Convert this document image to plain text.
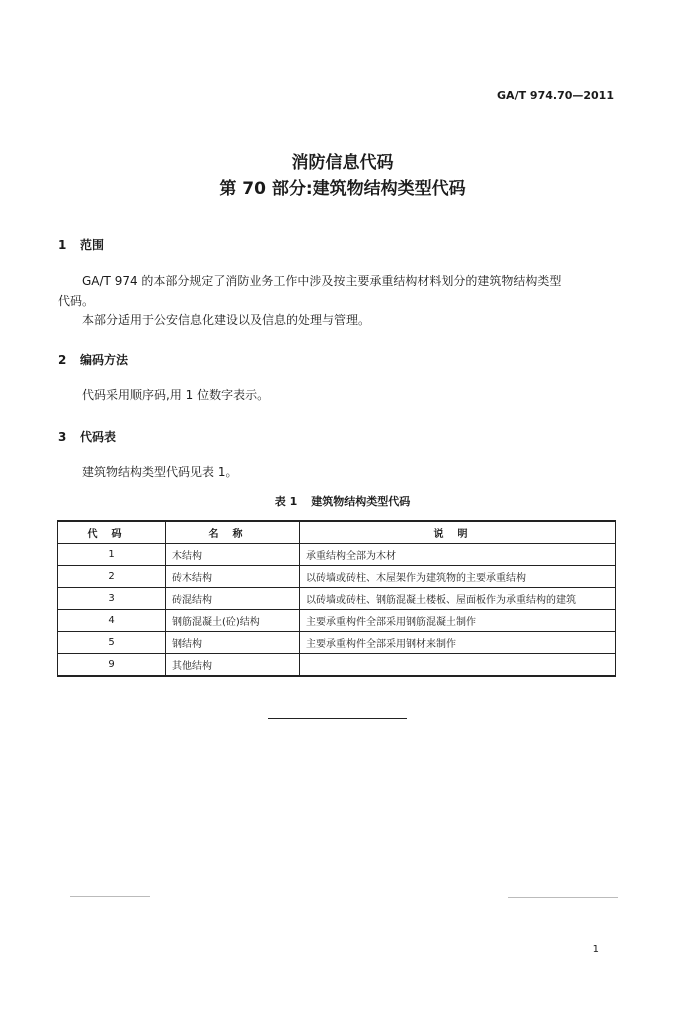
GA/T 974.70—2011
消防信息代码
第 70 部分:建筑物结构类型代码
1 范围
GA/T 974 的本部分规定了消防业务工作中涉及按主要承重结构材料划分的建筑物结构类型
代码。
本部分适用于公安信息化建设以及信息的处理与管理。
2 编码方法
代码采用顺序码,用 1 位数字表示。
3 代码表
建筑物结构类型代码见表 1。
表 1 建筑物结构类型代码
代码	名称	说明
1	木结构	承重结构全部为木材
2	砖木结构	以砖墙或砖柱、木屋架作为建筑物的主要承重结构
3	砖混结构	以砖墙或砖柱、钢筋混凝土楼板、屋面板作为承重结构的建筑
4	钢筋混凝土(砼)结构	主要承重构件全部采用钢筋混凝土制作
5	钢结构	主要承重构件全部采用钢材来制作
9	其他结构	
1
